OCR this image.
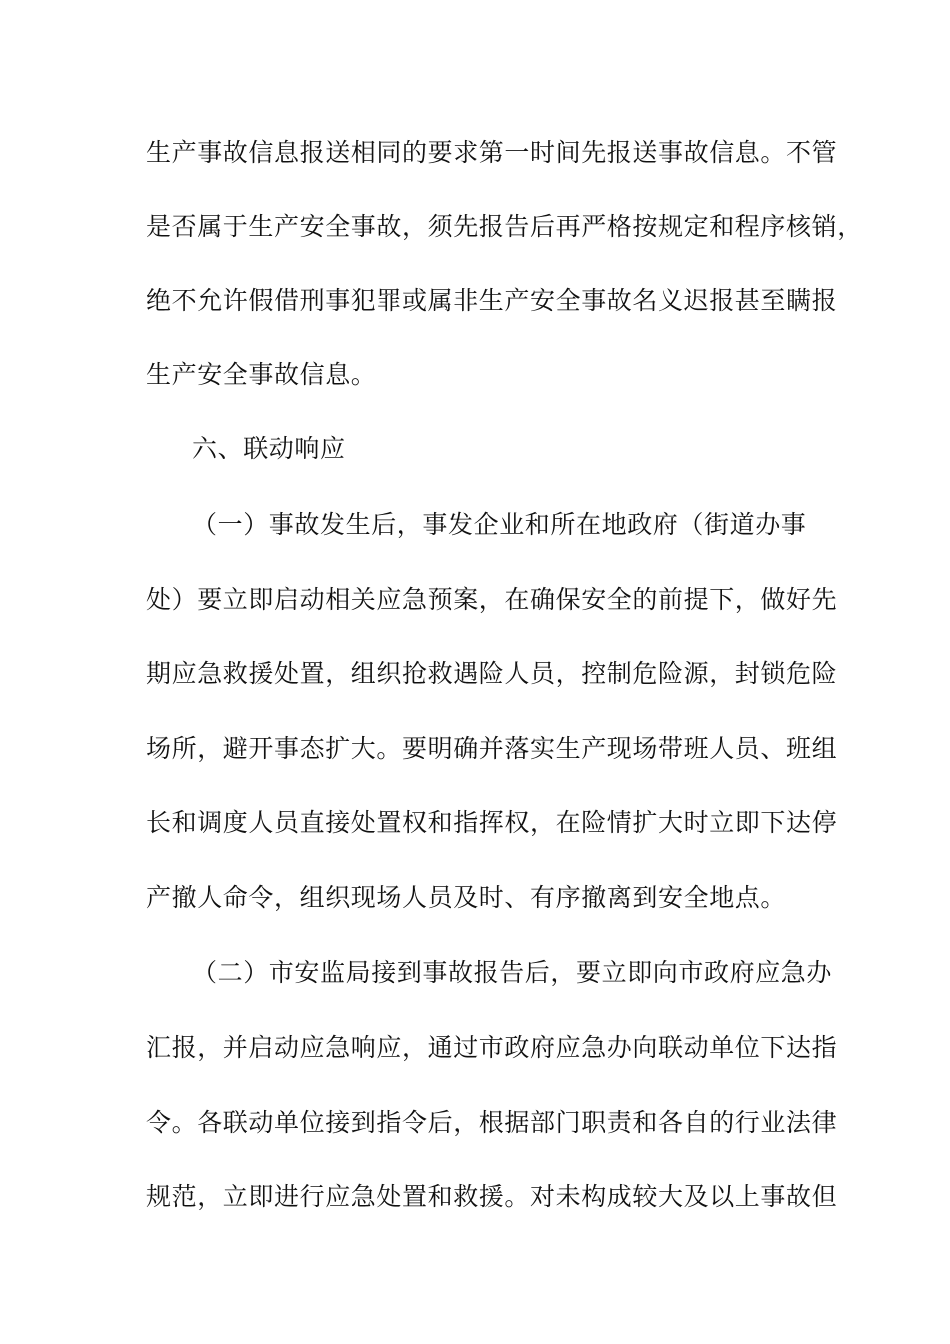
生产事故信息报送相同的要求第一时间先报送事故信息。不管
是否属于生产安全事故，须先报告后再严格按规定和程序核销，
绝不允许假借刑事犯罪或属非生产安全事故名义迟报甚至瞒报
生产安全事故信息。
六、联动响应
（一）事故发生后，事发企业和所在地政府（街道办事
处）要立即启动相关应急预案，在确保安全的前提下，做好先
期应急救援处置，组织抢救遇险人员，控制危险源，封锁危险
场所，避开事态扩大。要明确并落实生产现场带班人员、班组
长和调度人员直接处置权和指挥权，在险情扩大时立即下达停
产撤人命令，组织现场人员及时、有序撤离到安全地点。
（二）市安监局接到事故报告后，要立即向市政府应急办
汇报，并启动应急响应，通过市政府应急办向联动单位下达指
令。各联动单位接到指令后，根据部门职责和各自的行业法律
规范，立即进行应急处置和救援。对未构成较大及以上事故但
